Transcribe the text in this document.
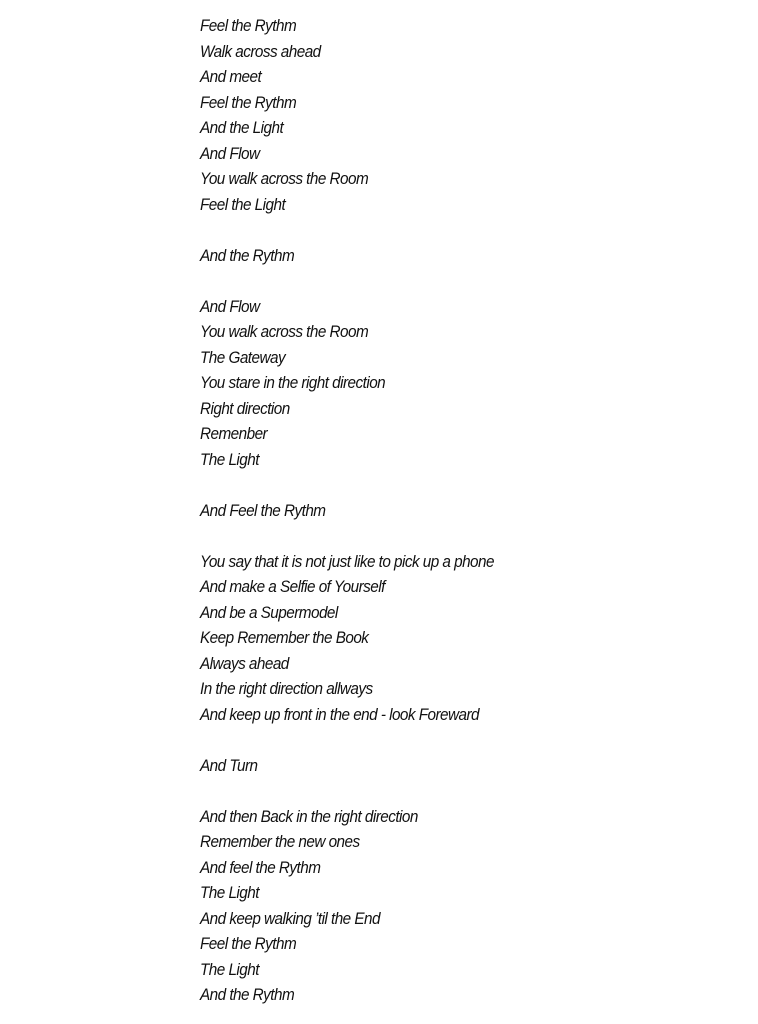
Feel the Rythm
Walk across ahead
And meet
Feel the Rythm
And the Light
And Flow
You walk across the Room
Feel the Light
And the Rythm
And Flow
You walk across the Room
The Gateway
You stare in the right direction
Right direction
Remenber
The Light
And Feel the Rythm
You say that it is not just like to pick up a phone
And make a Selfie of Yourself
And be a Supermodel
Keep Remember the Book
Always ahead
In the right direction allways
And keep up front in the end - look Foreward
And Turn
And then Back in the right direction
Remember the new ones
And feel the Rythm
The Light
And keep walking ’til the End
Feel the Rythm
The Light
And the Rythm
